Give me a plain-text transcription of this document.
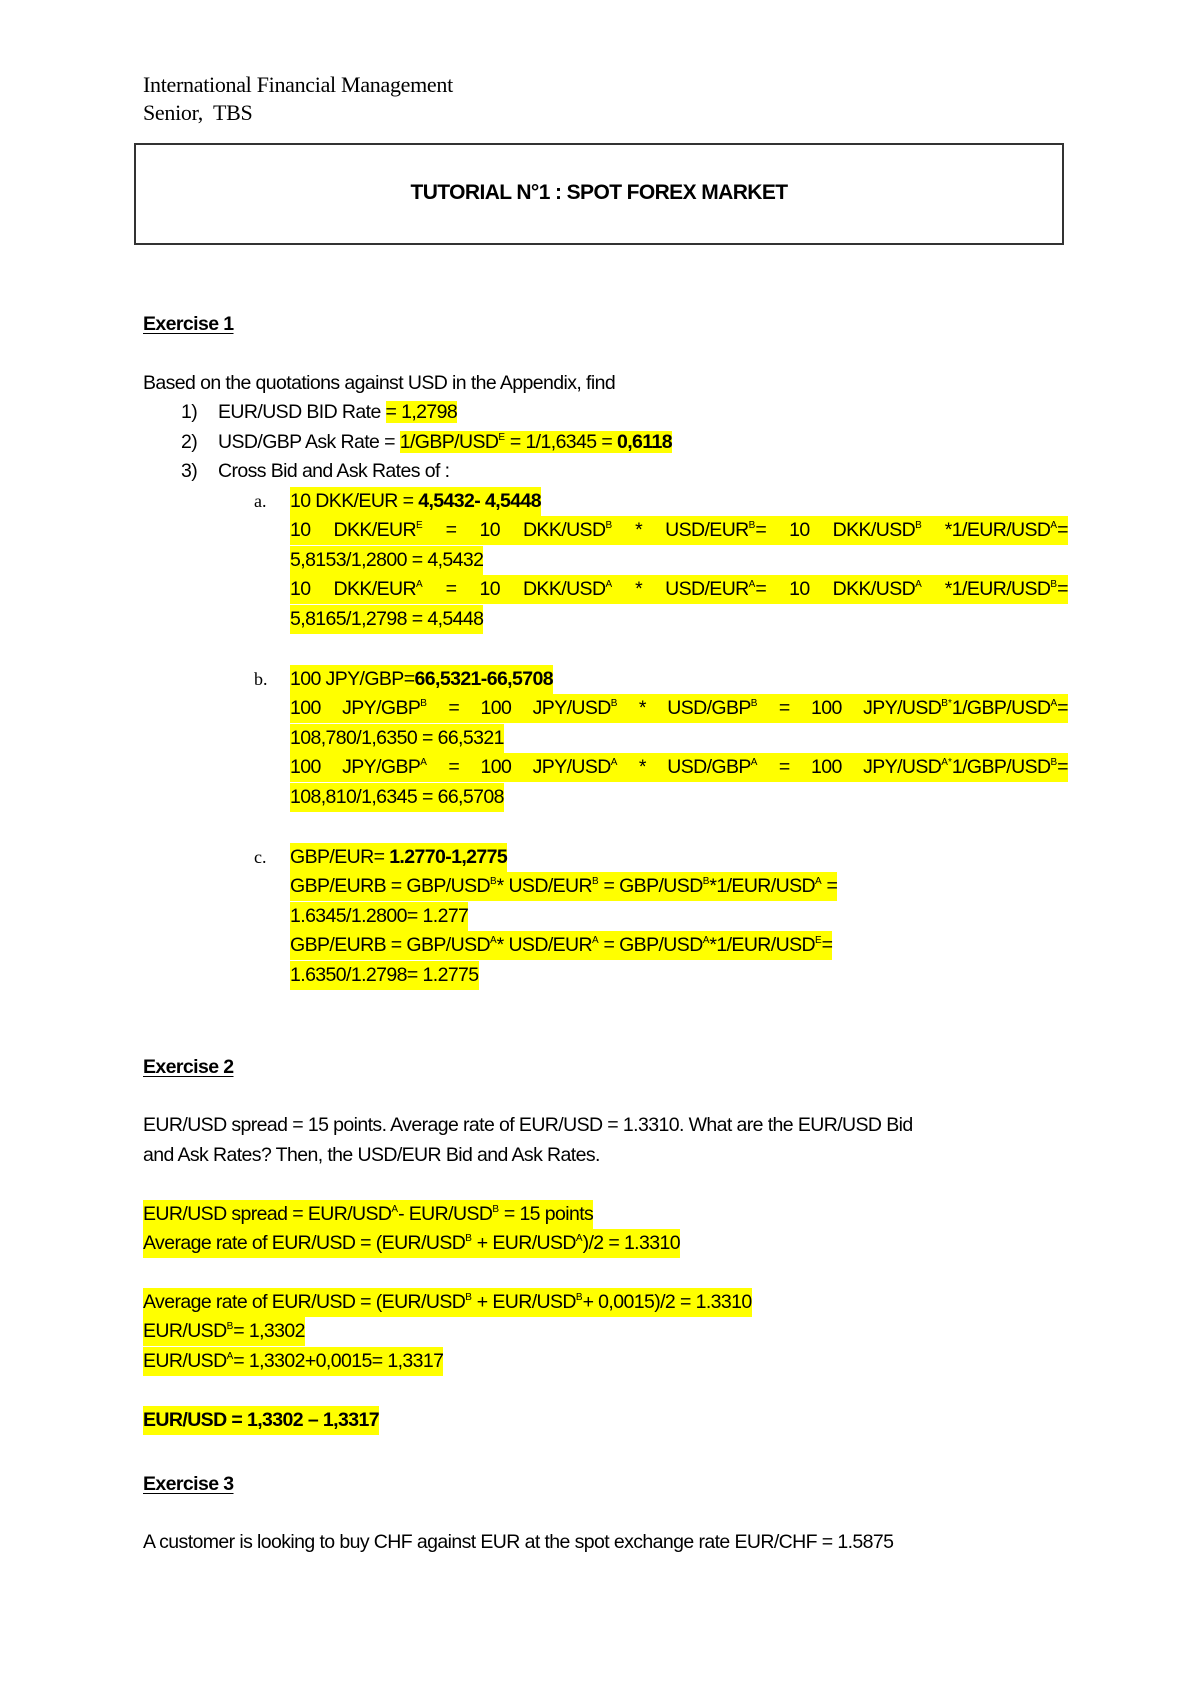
International Financial Management
Senior,  TBS
TUTORIAL N°1 : SPOT FOREX MARKET
Exercise 1
Based on the quotations against USD in the Appendix, find
1) EUR/USD BID Rate = 1,2798
2) USD/GBP Ask Rate = $1/GBP/USD^E = 1/1,6345 = 0,6118$
3) Cross Bid and Ask Rates of :
a. 10 DKK/EUR = 4,5432- 4,5448
10 DKK/$EUR^E = 10$ DKK/$USD^B * USD/EUR^B= 10$ DKK/$USD^B$ $*1/EUR/USD^A=$
5,8153/1,2800 = 4,5432
10 DKK/$EUR^A = 10$ DKK/$USD^A * USD/EUR^A= 10$ DKK/$USD^A$ $*1/EUR/USD^B=$
5,8165/1,2798 = 4,5448
b. 100 JPY/GBP=66,5321-66,5708
100 JPY/$GBP^B = 100$ JPY/$USD^B * USD/GBP^B = 100$ JPY/$USD^{B*}1/GBP/USD^A=$
108,780/1,6350 = 66,5321
100 JPY/$GBP^A = 100$ JPY/$USD^A * USD/GBP^A = 100$ JPY/$USD^{A*}1/GBP/USD^B=$
108,810/1,6345 = 66,5708
c. GBP/EUR= 1.2770-1,2775
GBP/EURB = GBP/$USD^B*$ USD/$EUR^B = GBP/USD^B*1/EUR/USD^A$ =
1.6345/1.2800= 1.277
GBP/EURB = GBP/$USD^A*$ USD/$EUR^A = GBP/USD^A*1/EUR/USD^E=$
1.6350/1.2798= 1.2775
Exercise 2
EUR/USD spread = 15 points. Average rate of EUR/USD = 1.3310. What are the EUR/USD Bid
and Ask Rates? Then, the USD/EUR Bid and Ask Rates.
EUR/USD spread = EUR/$USD^A-$ EUR/$USD^B = 15$ points
Average rate of $EUR/USD = (EUR/USD^B + EUR/USD^A)/2 = 1.3310$
Average rate of $EUR/USD = (EUR/USD^B + EUR/USD^B+ 0,0015)/2 = 1.3310$
EUR/$USD^B= 1,3302$
EUR/$USD^A= 1,3302+0,0015= 1,3317$
EUR/USD = 1,3302 – 1,3317
Exercise 3
A customer is looking to buy CHF against EUR at the spot exchange rate EUR/CHF = 1.5875
